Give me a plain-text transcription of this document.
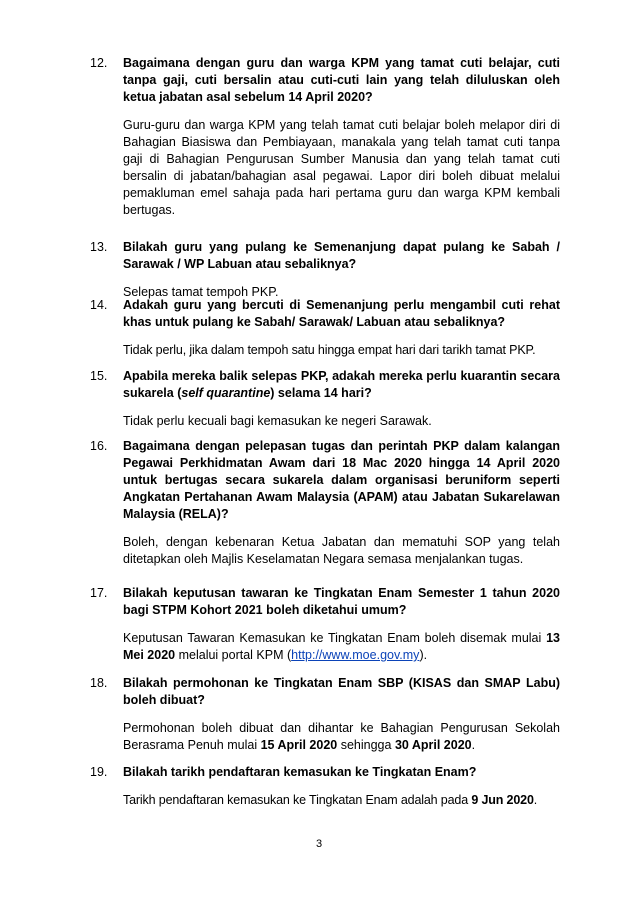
12. Bagaimana dengan guru dan warga KPM yang tamat cuti belajar, cuti tanpa gaji, cuti bersalin atau cuti-cuti lain yang telah diluluskan oleh ketua jabatan asal sebelum 14 April 2020?
Guru-guru dan warga KPM yang telah tamat cuti belajar boleh melapor diri di Bahagian Biasiswa dan Pembiayaan, manakala yang telah tamat cuti tanpa gaji di Bahagian Pengurusan Sumber Manusia dan yang telah tamat cuti bersalin di jabatan/bahagian asal pegawai. Lapor diri boleh dibuat melalui pemakluman emel sahaja pada hari pertama guru dan warga KPM kembali bertugas.
13. Bilakah guru yang pulang ke Semenanjung dapat pulang ke Sabah / Sarawak / WP Labuan atau sebaliknya?
Selepas tamat tempoh PKP.
14. Adakah guru yang bercuti di Semenanjung perlu mengambil cuti rehat khas untuk pulang ke Sabah/ Sarawak/ Labuan atau sebaliknya?
Tidak perlu, jika dalam tempoh satu hingga empat hari dari tarikh tamat PKP.
15. Apabila mereka balik selepas PKP, adakah mereka perlu kuarantin secara sukarela (self quarantine) selama 14 hari?
Tidak perlu kecuali bagi kemasukan ke negeri Sarawak.
16. Bagaimana dengan pelepasan tugas dan perintah PKP dalam kalangan Pegawai Perkhidmatan Awam dari 18 Mac 2020 hingga 14 April 2020 untuk bertugas secara sukarela dalam organisasi beruniform seperti Angkatan Pertahanan Awam Malaysia (APAM) atau Jabatan Sukarelawan Malaysia (RELA)?
Boleh, dengan kebenaran Ketua Jabatan dan mematuhi SOP yang telah ditetapkan oleh Majlis Keselamatan Negara semasa menjalankan tugas.
17. Bilakah keputusan tawaran ke Tingkatan Enam Semester 1 tahun 2020 bagi STPM Kohort 2021 boleh diketahui umum?
Keputusan Tawaran Kemasukan ke Tingkatan Enam boleh disemak mulai 13 Mei 2020 melalui portal KPM (http://www.moe.gov.my).
18. Bilakah permohonan ke Tingkatan Enam SBP (KISAS dan SMAP Labu) boleh dibuat?
Permohonan boleh dibuat dan dihantar ke Bahagian Pengurusan Sekolah Berasrama Penuh mulai 15 April 2020 sehingga 30 April 2020.
19. Bilakah tarikh pendaftaran kemasukan ke Tingkatan Enam?
Tarikh pendaftaran kemasukan ke Tingkatan Enam adalah pada 9 Jun 2020.
3
